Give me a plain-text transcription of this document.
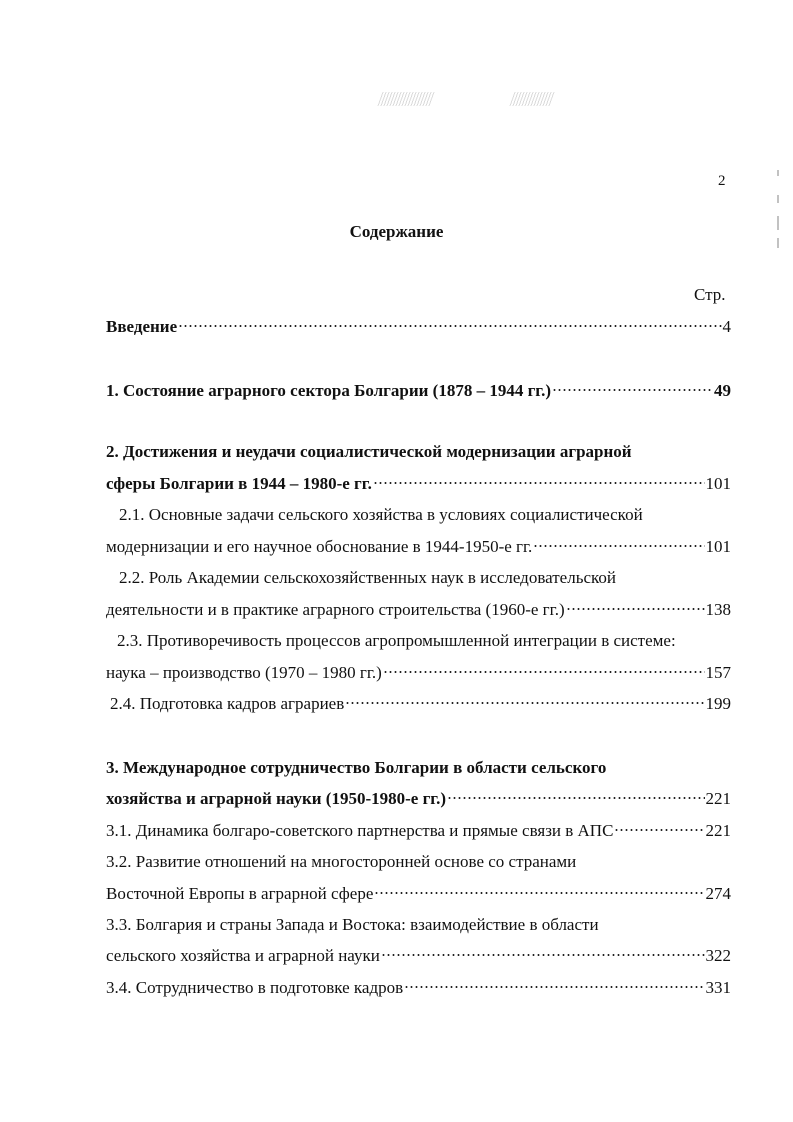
2
Содержание
Стр.
Введение	4
1. Состояние аграрного сектора Болгарии (1878 – 1944 гг.)	49
2. Достижения и неудачи социалистической модернизации аграрной
сферы Болгарии в 1944 – 1980-е гг.	101
2.1. Основные задачи сельского хозяйства в условиях социалистической
модернизации и его научное обоснование в 1944-1950-е гг.	101
2.2. Роль Академии сельскохозяйственных наук в исследовательской
деятельности и в практике аграрного строительства (1960-е гг.)	138
2.3. Противоречивость процессов агропромышленной интеграции в системе:
наука – производство (1970 – 1980 гг.)	157
2.4. Подготовка кадров аграриев	199
3. Международное сотрудничество Болгарии в области сельского
хозяйства и аграрной науки (1950-1980-е гг.)	221
3.1. Динамика болгаро-советского партнерства и прямые связи в АПС	221
3.2. Развитие отношений на многосторонней основе со странами
Восточной Европы в аграрной сфере	274
3.3. Болгария и страны Запада и Востока: взаимодействие в области
сельского хозяйства и аграрной науки	322
3.4. Сотрудничество в подготовке кадров	331
